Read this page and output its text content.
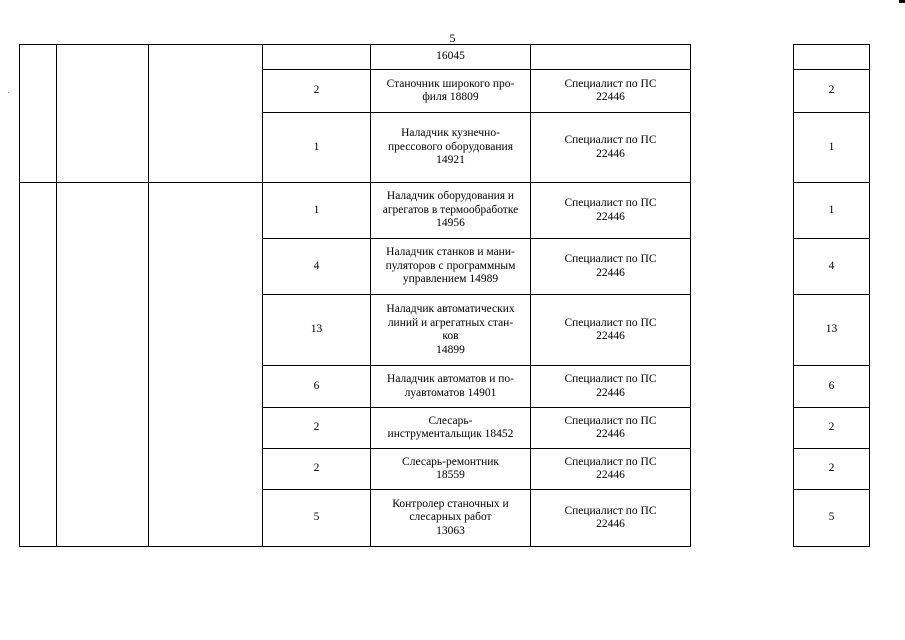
5
				16045			
			2	Станочник широкого про-
филя 18809	Специалист по ПС
22446		2
			1	Наладчик кузнечно-
прессового оборудования
14921	Специалист по ПС
22446		1
			1	Наладчик оборудования и
агрегатов в термообработке
14956	Специалист по ПС
22446		1
			4	Наладчик станков и мани-
пуляторов с программным
управлением 14989	Специалист по ПС
22446		4
			13	Наладчик автоматических
линий и агрегатных стан-
ков
14899	Специалист по ПС
22446		13
			6	Наладчик автоматов и по-
луавтоматов 14901	Специалист по ПС
22446		6
			2	Слесарь-
инструментальщик 18452	Специалист по ПС
22446		2
			2	Слесарь-ремонтник
18559	Специалист по ПС
22446		2
			5	Контролер станочных и
слесарных работ
13063	Специалист по ПС
22446		5
